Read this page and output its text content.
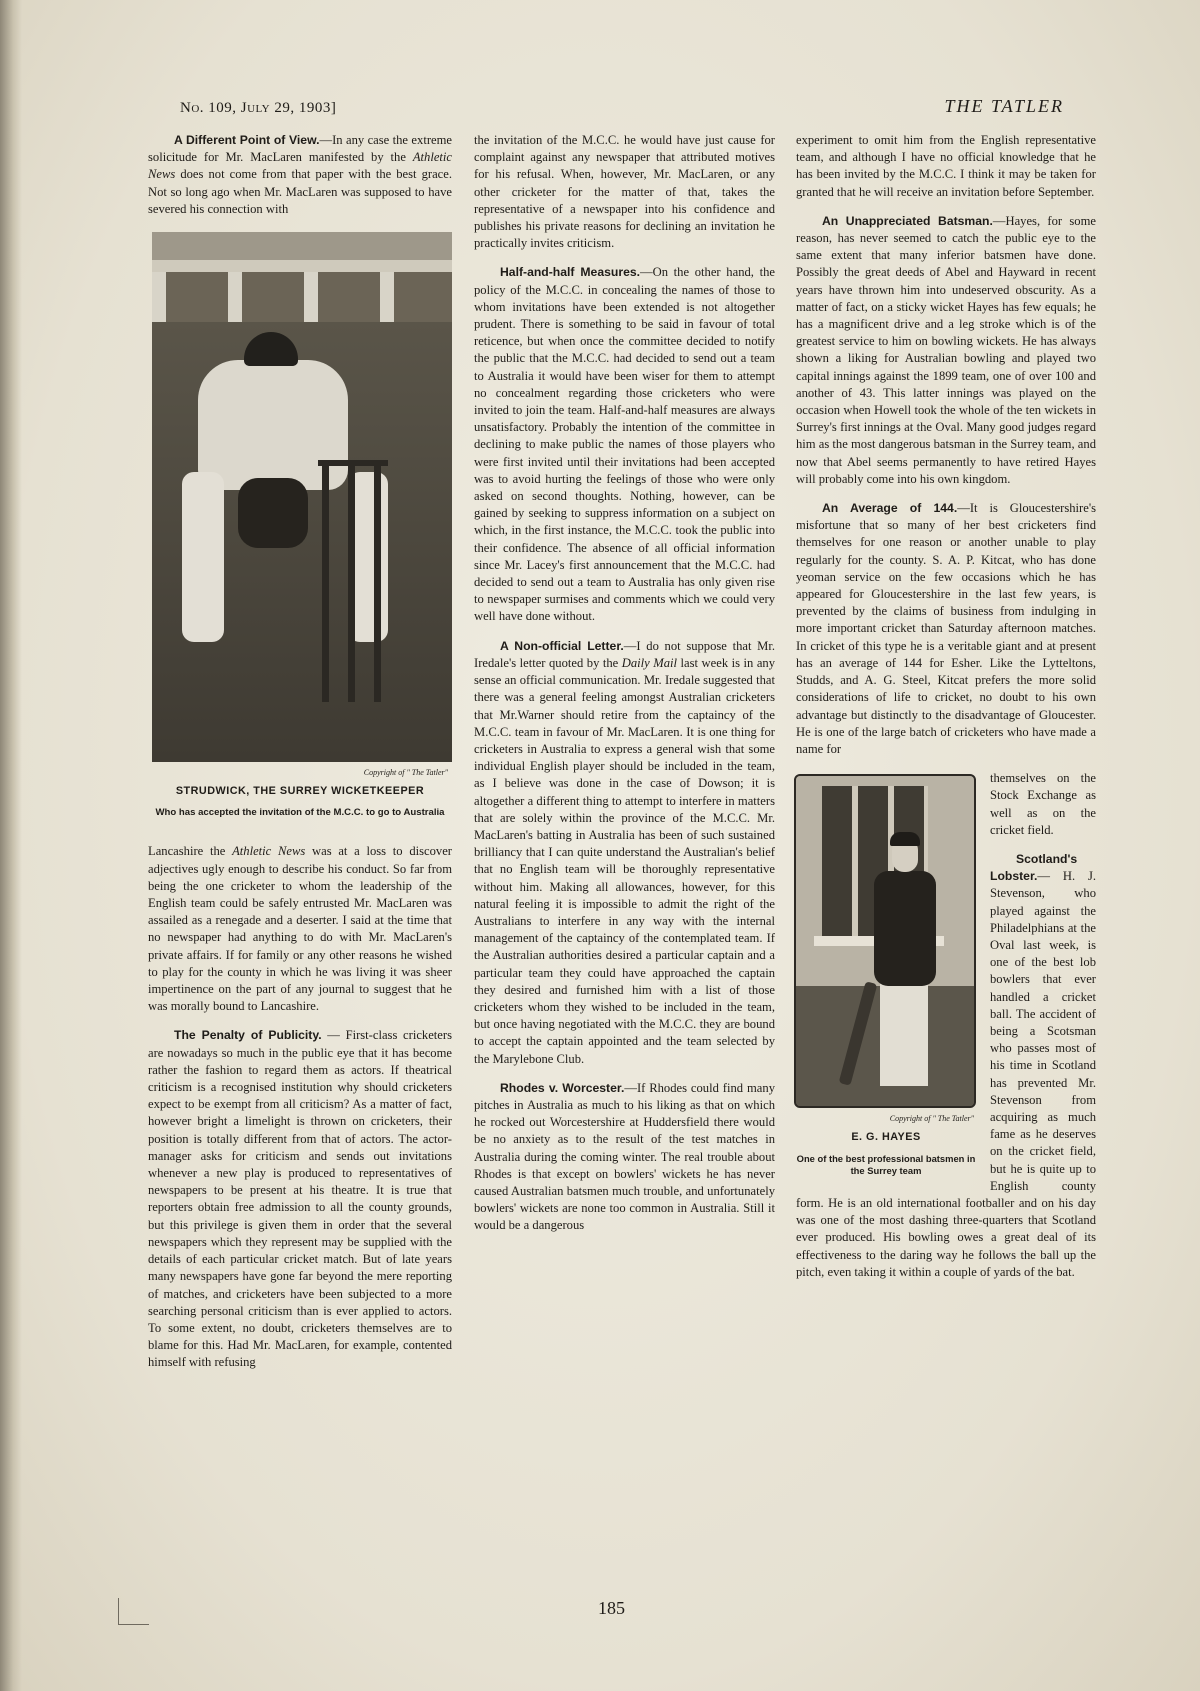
No. 109, July 29, 1903]	THE TATLER

A Different Point of View.—In any case the extreme solicitude for Mr. MacLaren manifested by the Athletic News does not come from that paper with the best grace. Not so long ago when Mr. MacLaren was supposed to have severed his connection with

Copyright of " The Tatler"
STRUDWICK, THE SURREY WICKETKEEPER
Who has accepted the invitation of the M.C.C. to go to Australia

Lancashire the Athletic News was at a loss to discover adjectives ugly enough to describe his conduct. So far from being the one cricketer to whom the leadership of the English team could be safely entrusted Mr. MacLaren was assailed as a renegade and a deserter. I said at the time that no newspaper had anything to do with Mr. MacLaren's private affairs. If for family or any other reasons he wished to play for the county in which he was living it was sheer impertinence on the part of any journal to suggest that he was morally bound to Lancashire.

The Penalty of Publicity. — First-class cricketers are nowadays so much in the public eye that it has become rather the fashion to regard them as actors. If theatrical criticism is a recognised institution why should cricketers expect to be exempt from all criticism? As a matter of fact, however bright a limelight is thrown on cricketers, their position is totally different from that of actors. The actor-manager asks for criticism and sends out invitations whenever a new play is produced to representatives of newspapers to be present at his theatre. It is true that reporters obtain free admission to all the county grounds, but this privilege is given them in order that the several newspapers which they represent may be supplied with the details of each particular cricket match. But of late years many newspapers have gone far beyond the mere reporting of matches, and cricketers have been subjected to a more searching personal criticism than is ever applied to actors. To some extent, no doubt, cricketers themselves are to blame for this. Had Mr. MacLaren, for example, contented himself with refusing

the invitation of the M.C.C. he would have just cause for complaint against any newspaper that attributed motives for his refusal. When, however, Mr. MacLaren, or any other cricketer for the matter of that, takes the representative of a newspaper into his confidence and publishes his private reasons for declining an invitation he practically invites criticism.

Half-and-half Measures.—On the other hand, the policy of the M.C.C. in concealing the names of those to whom invitations have been extended is not altogether prudent. There is something to be said in favour of total reticence, but when once the committee decided to notify the public that the M.C.C. had decided to send out a team to Australia it would have been wiser for them to attempt no concealment regarding those cricketers who were invited to join the team. Half-and-half measures are always unsatisfactory. Probably the intention of the committee in declining to make public the names of those players who were first invited until their invitations had been accepted was to avoid hurting the feelings of those who were only asked on second thoughts. Nothing, however, can be gained by seeking to suppress information on a subject on which, in the first instance, the M.C.C. took the public into their confidence. The absence of all official information since Mr. Lacey's first announcement that the M.C.C. had decided to send out a team to Australia has only given rise to newspaper surmises and comments which we could very well have done without.

A Non-official Letter.—I do not suppose that Mr. Iredale's letter quoted by the Daily Mail last week is in any sense an official communication. Mr. Iredale suggested that there was a general feeling amongst Australian cricketers that Mr.Warner should retire from the captaincy of the M.C.C. team in favour of Mr. MacLaren. It is one thing for cricketers in Australia to express a general wish that some individual English player should be included in the team, as I believe was done in the case of Dowson; it is altogether a different thing to attempt to interfere in matters that are solely within the province of the M.C.C. Mr. MacLaren's batting in Australia has been of such sustained brilliancy that I can quite understand the Australian's belief that no English team will be thoroughly representative without him. Making all allowances, however, for this natural feeling it is impossible to admit the right of the Australians to interfere in any way with the internal management of the captaincy of the contemplated team. If the Australian authorities desired a particular captain and a particular team they could have approached the captain they desired and furnished him with a list of those cricketers whom they wished to be included in the team, but once having negotiated with the M.C.C. they are bound to accept the captain appointed and the team selected by the Marylebone Club.

Rhodes v. Worcester.—If Rhodes could find many pitches in Australia as much to his liking as that on which he rocked out Worcestershire at Huddersfield there would be no anxiety as to the result of the test matches in Australia during the coming winter. The real trouble about Rhodes is that except on bowlers' wickets he has never caused Australian batsmen much trouble, and unfortunately bowlers' wickets are none too common in Australia. Still it would be a dangerous

experiment to omit him from the English representative team, and although I have no official knowledge that he has been invited by the M.C.C. I think it may be taken for granted that he will receive an invitation before September.

An Unappreciated Batsman.—Hayes, for some reason, has never seemed to catch the public eye to the same extent that many inferior batsmen have done. Possibly the great deeds of Abel and Hayward in recent years have thrown him into undeserved obscurity. As a matter of fact, on a sticky wicket Hayes has few equals; he has a magnificent drive and a leg stroke which is of the greatest service to him on bowling wickets. He has always shown a liking for Australian bowling and played two capital innings against the 1899 team, one of over 100 and another of 43. This latter innings was played on the occasion when Howell took the whole of the ten wickets in Surrey's first innings at the Oval. Many good judges regard him as the most dangerous batsman in the Surrey team, and now that Abel seems permanently to have retired Hayes will probably come into his own kingdom.

An Average of 144.—It is Gloucestershire's misfortune that so many of her best cricketers find themselves for one reason or another unable to play regularly for the county. S. A. P. Kitcat, who has done yeoman service on the few occasions which he has appeared for Gloucestershire in the last few years, is prevented by the claims of business from indulging in more important cricket than Saturday afternoon matches. In cricket of this type he is a veritable giant and at present has an average of 144 for Esher. Like the Lytteltons, Studds, and A. G. Steel, Kitcat prefers the more solid considerations of life to cricket, no doubt to his own advantage but distinctly to the disadvantage of Gloucester. He is one of the large batch of cricketers who have made a name for

Copyright of " The Tatler"
E. G. HAYES
One of the best professional batsmen in the Surrey team

themselves on the Stock Exchange as well as on the cricket field.

Scotland's Lobster.— H. J. Stevenson, who played against the Philadelphians at the Oval last week, is one of the best lob bowlers that ever handled a cricket ball. The accident of being a Scotsman who passes most of his time in Scotland has prevented Mr. Stevenson from acquiring as much fame as he deserves on the cricket field, but he is quite up to English county form. He is an old international footballer and on his day was one of the most dashing three-quarters that Scotland ever produced. His bowling owes a great deal of its effectiveness to the daring way he follows the ball up the pitch, even taking it within a couple of yards of the bat.

185
